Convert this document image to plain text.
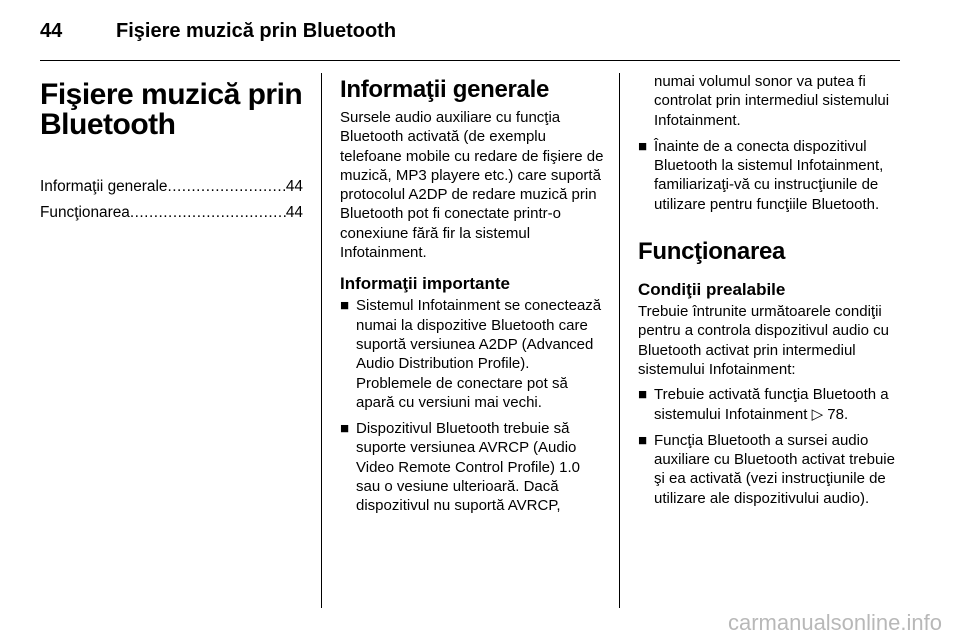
44	Fişiere muzică prin Bluetooth
Fişiere muzică prin
Bluetooth
Informaţii generale .....	44
Funcţionarea .....	44
Informaţii generale

Sursele audio auxiliare cu funcţia Bluetooth activată (de exemplu telefoane mobile cu redare de fişiere de muzică, MP3 playere etc.) care suportă protocolul A2DP de redare muzică prin Bluetooth pot fi conectate printr-o conexiune fără fir la sistemul Infotainment.

Informaţii importante
■ Sistemul Infotainment se conectează numai la dispozitive Bluetooth care suportă versiunea A2DP (Advanced Audio Distribution Profile). Problemele de conectare pot să apară cu versiuni mai vechi.
■ Dispozitivul Bluetooth trebuie să suporte versiunea AVRCP (Audio Video Remote Control Profile) 1.0 sau o vesiune ulterioară. Dacă dispozitivul nu suportă AVRCP,
numai volumul sonor va putea fi controlat prin intermediul sistemului Infotainment.
■ Înainte de a conecta dispozitivul Bluetooth la sistemul Infotainment, familiarizaţi-vă cu instrucţiunile de utilizare pentru funcţiile Bluetooth.
Funcţionarea
Condiţii prealabile

Trebuie întrunite următoarele condiţii pentru a controla dispozitivul audio cu Bluetooth activat prin intermediul sistemului Infotainment:

■ Trebuie activată funcţia Bluetooth a sistemului Infotainment ▷ 78.
■ Funcţia Bluetooth a sursei audio auxiliare cu Bluetooth activat trebuie şi ea activată (vezi instrucţiunile de utilizare ale dispozitivului audio).
carmanualsonline.info
